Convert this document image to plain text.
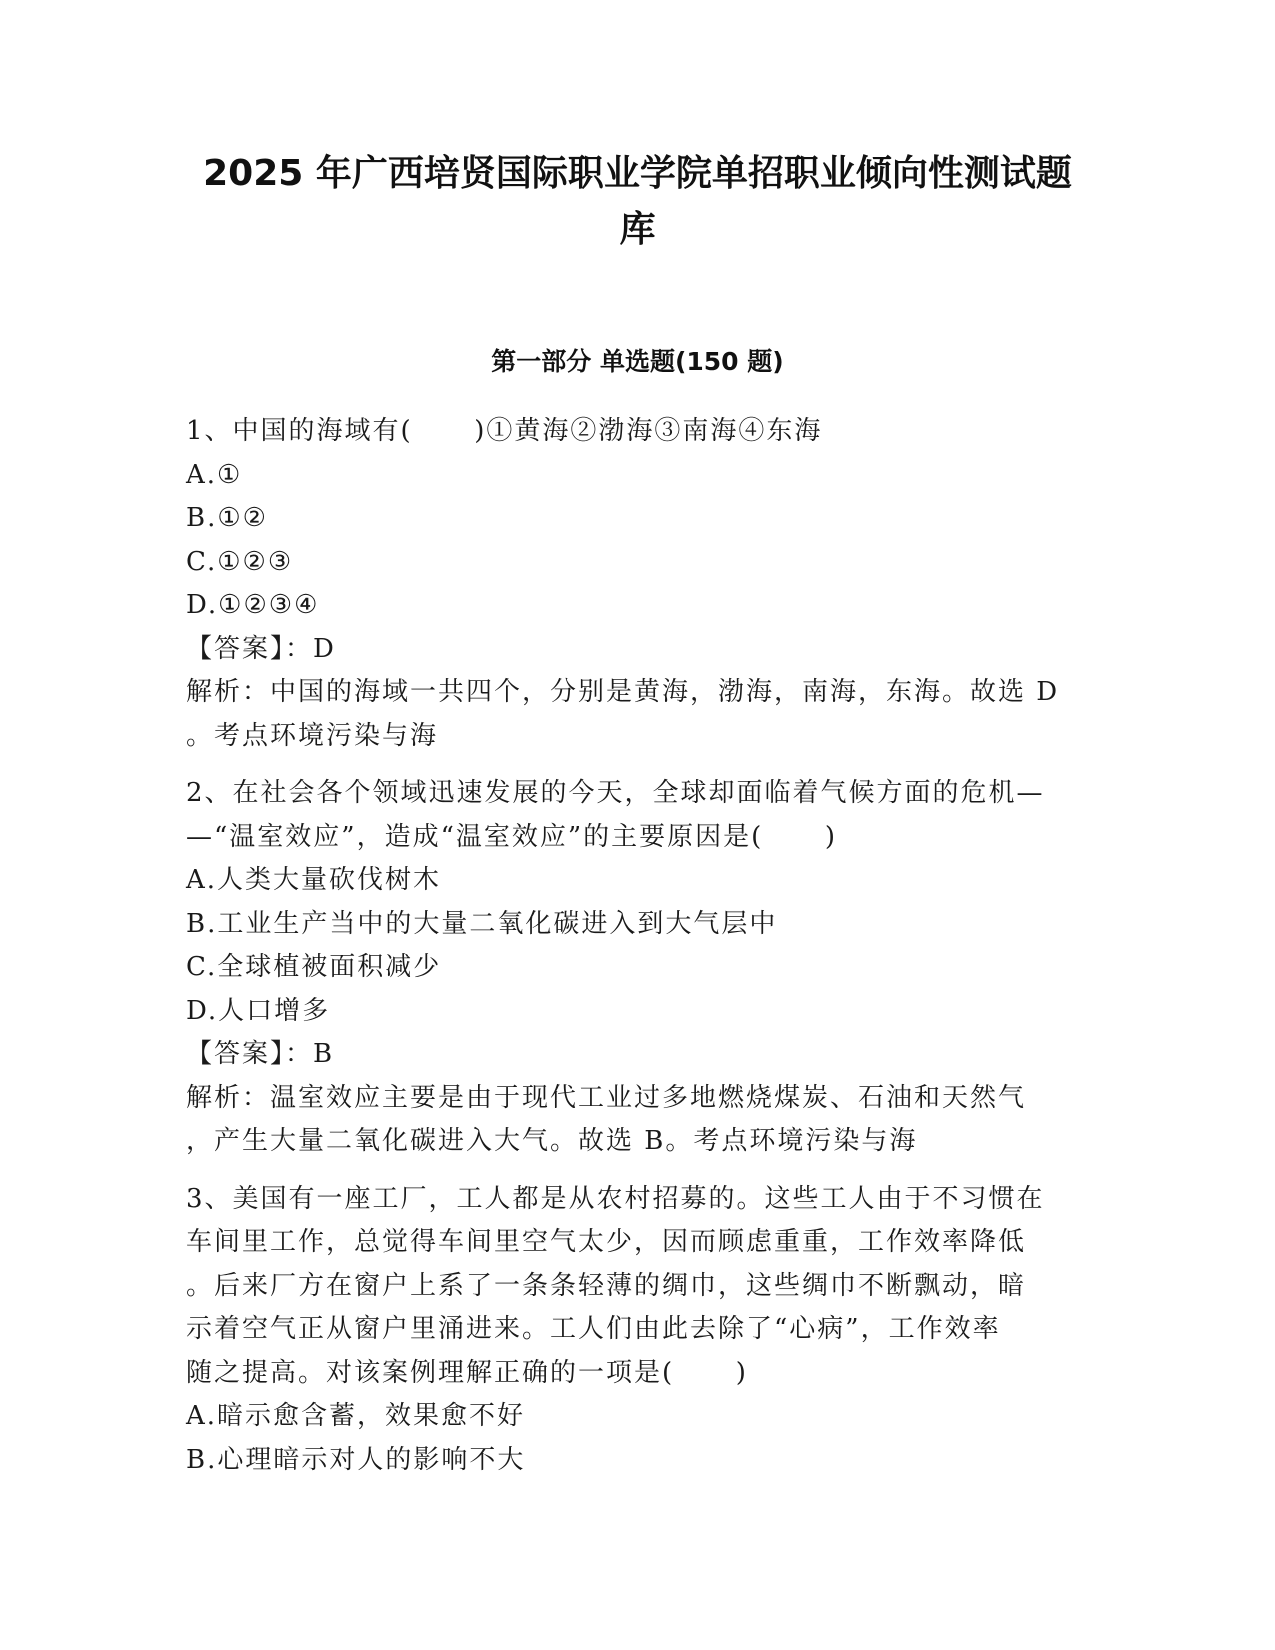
2025 年广西培贤国际职业学院单招职业倾向性测试题
库
第一部分 单选题(150 题)
1、中国的海域有(      )①黄海②渤海③南海④东海
A.①
B.①②
C.①②③
D.①②③④
【答案】：D
解析：中国的海域一共四个，分别是黄海，渤海，南海，东海。故选 D
。考点环境污染与海
2、在社会各个领域迅速发展的今天，全球却面临着气候方面的危机—
—“温室效应”，造成“温室效应”的主要原因是(      )
A.人类大量砍伐树木
B.工业生产当中的大量二氧化碳进入到大气层中
C.全球植被面积减少
D.人口增多
【答案】：B
解析：温室效应主要是由于现代工业过多地燃烧煤炭、石油和天然气
，产生大量二氧化碳进入大气。故选 B。考点环境污染与海
3、美国有一座工厂，工人都是从农村招募的。这些工人由于不习惯在
车间里工作，总觉得车间里空气太少，因而顾虑重重，工作效率降低
。后来厂方在窗户上系了一条条轻薄的绸巾，这些绸巾不断飘动，暗
示着空气正从窗户里涌进来。工人们由此去除了“心病”，工作效率
随之提高。对该案例理解正确的一项是(      )
A.暗示愈含蓄，效果愈不好
B.心理暗示对人的影响不大
